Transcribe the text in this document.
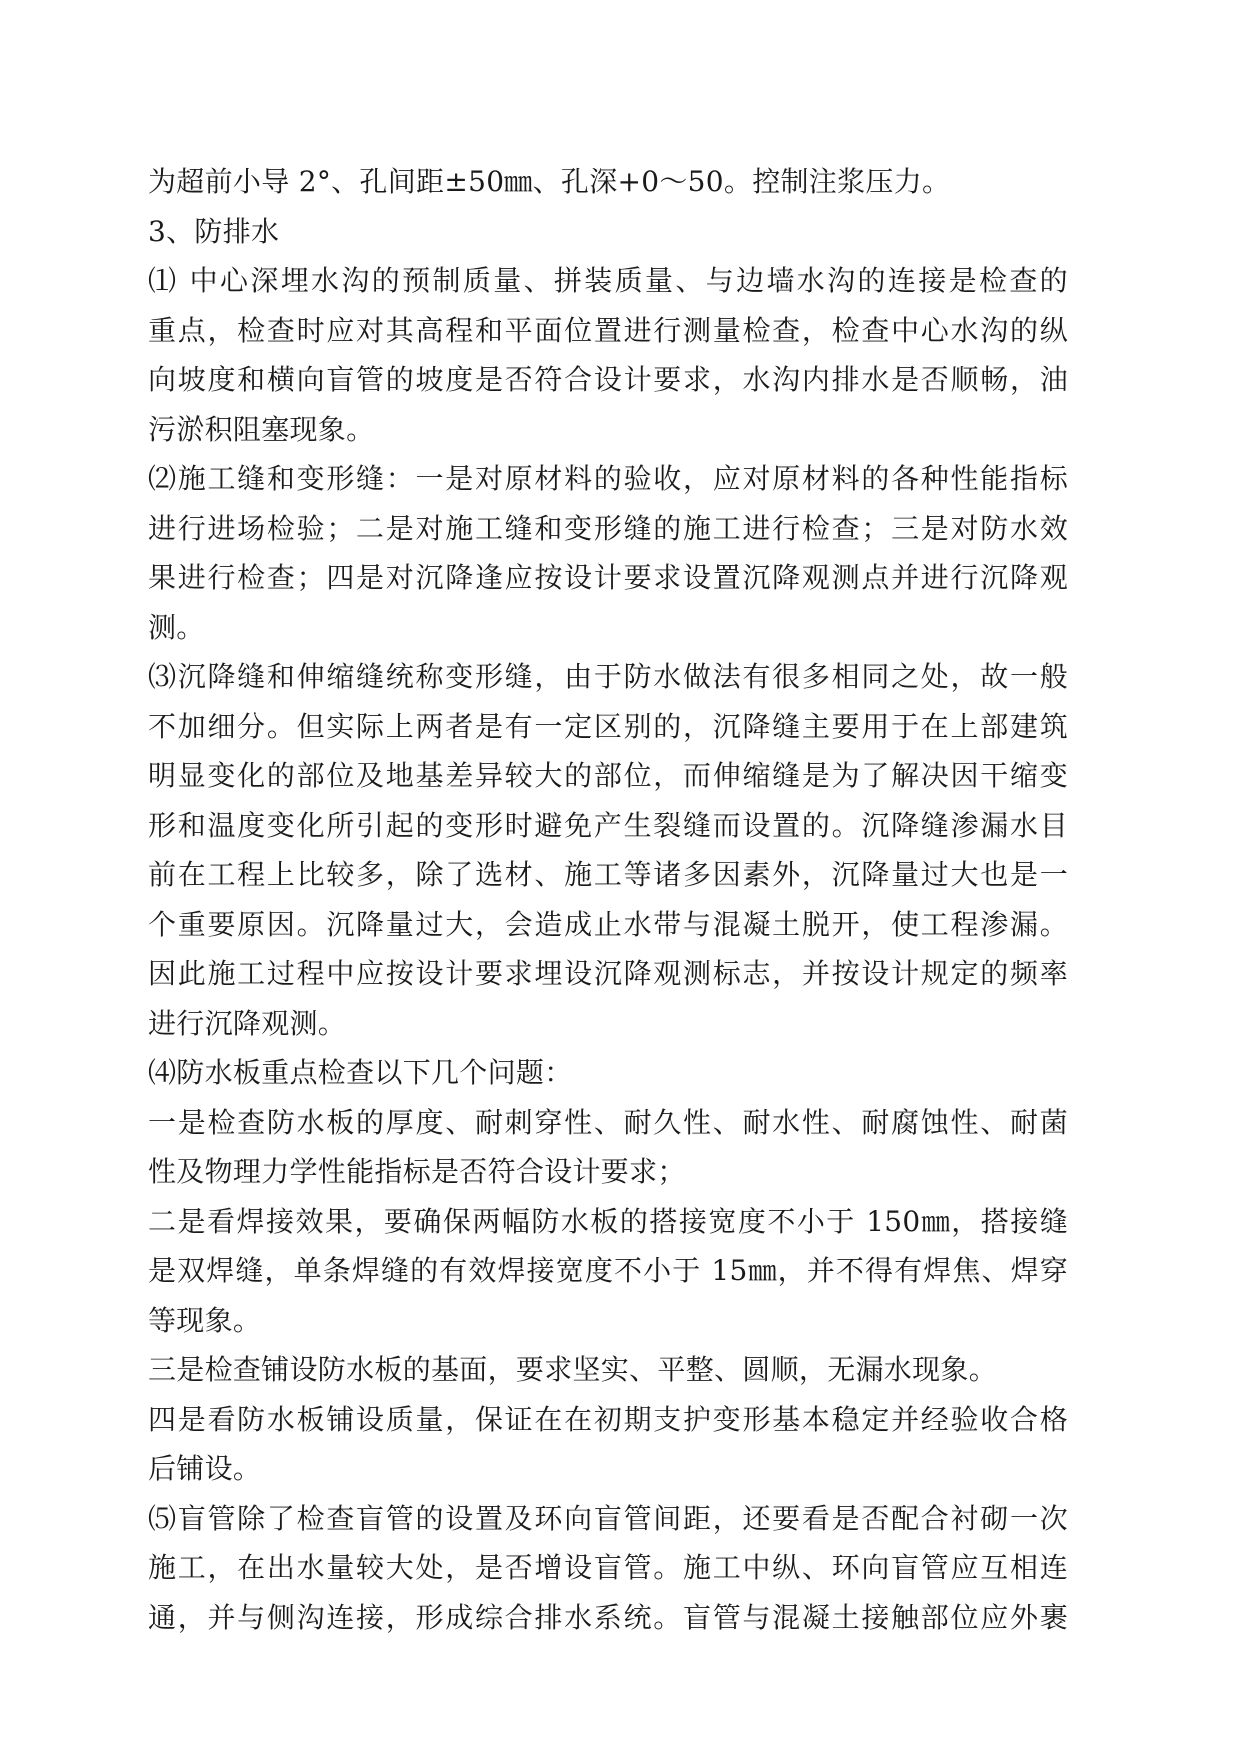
为超前小导 2°、孔间距±50㎜、孔深+0～50。控制注浆压力。
3、防排水
⑴ 中心深埋水沟的预制质量、拼装质量、与边墙水沟的连接是检查的
重点，检查时应对其高程和平面位置进行测量检查，检查中心水沟的纵
向坡度和横向盲管的坡度是否符合设计要求，水沟内排水是否顺畅，油
污淤积阻塞现象。
⑵施工缝和变形缝：一是对原材料的验收，应对原材料的各种性能指标
进行进场检验；二是对施工缝和变形缝的施工进行检查；三是对防水效
果进行检查；四是对沉降逢应按设计要求设置沉降观测点并进行沉降观
测。
⑶沉降缝和伸缩缝统称变形缝，由于防水做法有很多相同之处，故一般
不加细分。但实际上两者是有一定区别的，沉降缝主要用于在上部建筑
明显变化的部位及地基差异较大的部位，而伸缩缝是为了解决因干缩变
形和温度变化所引起的变形时避免产生裂缝而设置的。沉降缝渗漏水目
前在工程上比较多，除了选材、施工等诸多因素外，沉降量过大也是一
个重要原因。沉降量过大，会造成止水带与混凝土脱开，使工程渗漏。
因此施工过程中应按设计要求埋设沉降观测标志，并按设计规定的频率
进行沉降观测。
⑷防水板重点检查以下几个问题：
一是检查防水板的厚度、耐刺穿性、耐久性、耐水性、耐腐蚀性、耐菌
性及物理力学性能指标是否符合设计要求；
二是看焊接效果，要确保两幅防水板的搭接宽度不小于 150㎜，搭接缝
是双焊缝，单条焊缝的有效焊接宽度不小于 15㎜，并不得有焊焦、焊穿
等现象。
三是检查铺设防水板的基面，要求坚实、平整、圆顺，无漏水现象。
四是看防水板铺设质量，保证在在初期支护变形基本稳定并经验收合格
后铺设。
⑸盲管除了检查盲管的设置及环向盲管间距，还要看是否配合衬砌一次
施工，在出水量较大处，是否增设盲管。施工中纵、环向盲管应互相连
通，并与侧沟连接，形成综合排水系统。盲管与混凝土接触部位应外裹
